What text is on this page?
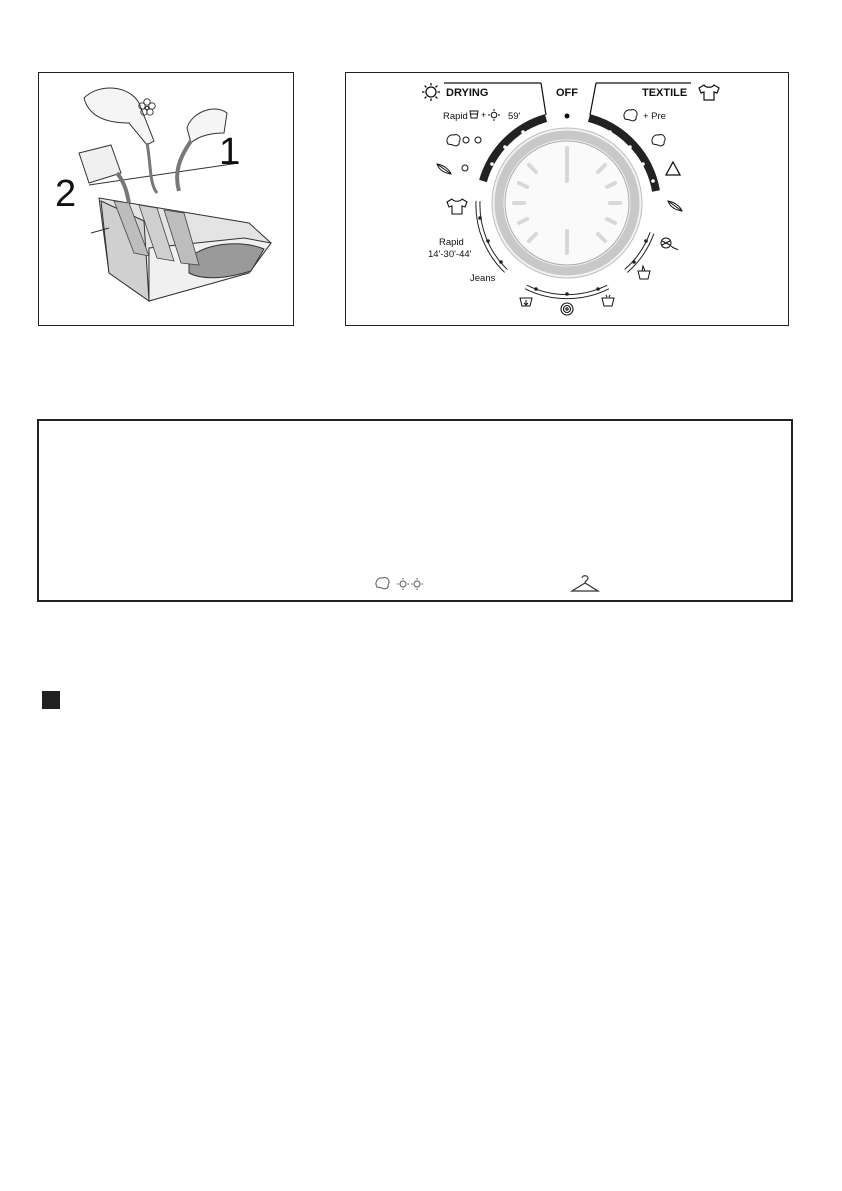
1
2
DRYING	OFF	TEXTILE
Rapid + 59'
Rapid
14'-30'-44'
Jeans
+ Pre
